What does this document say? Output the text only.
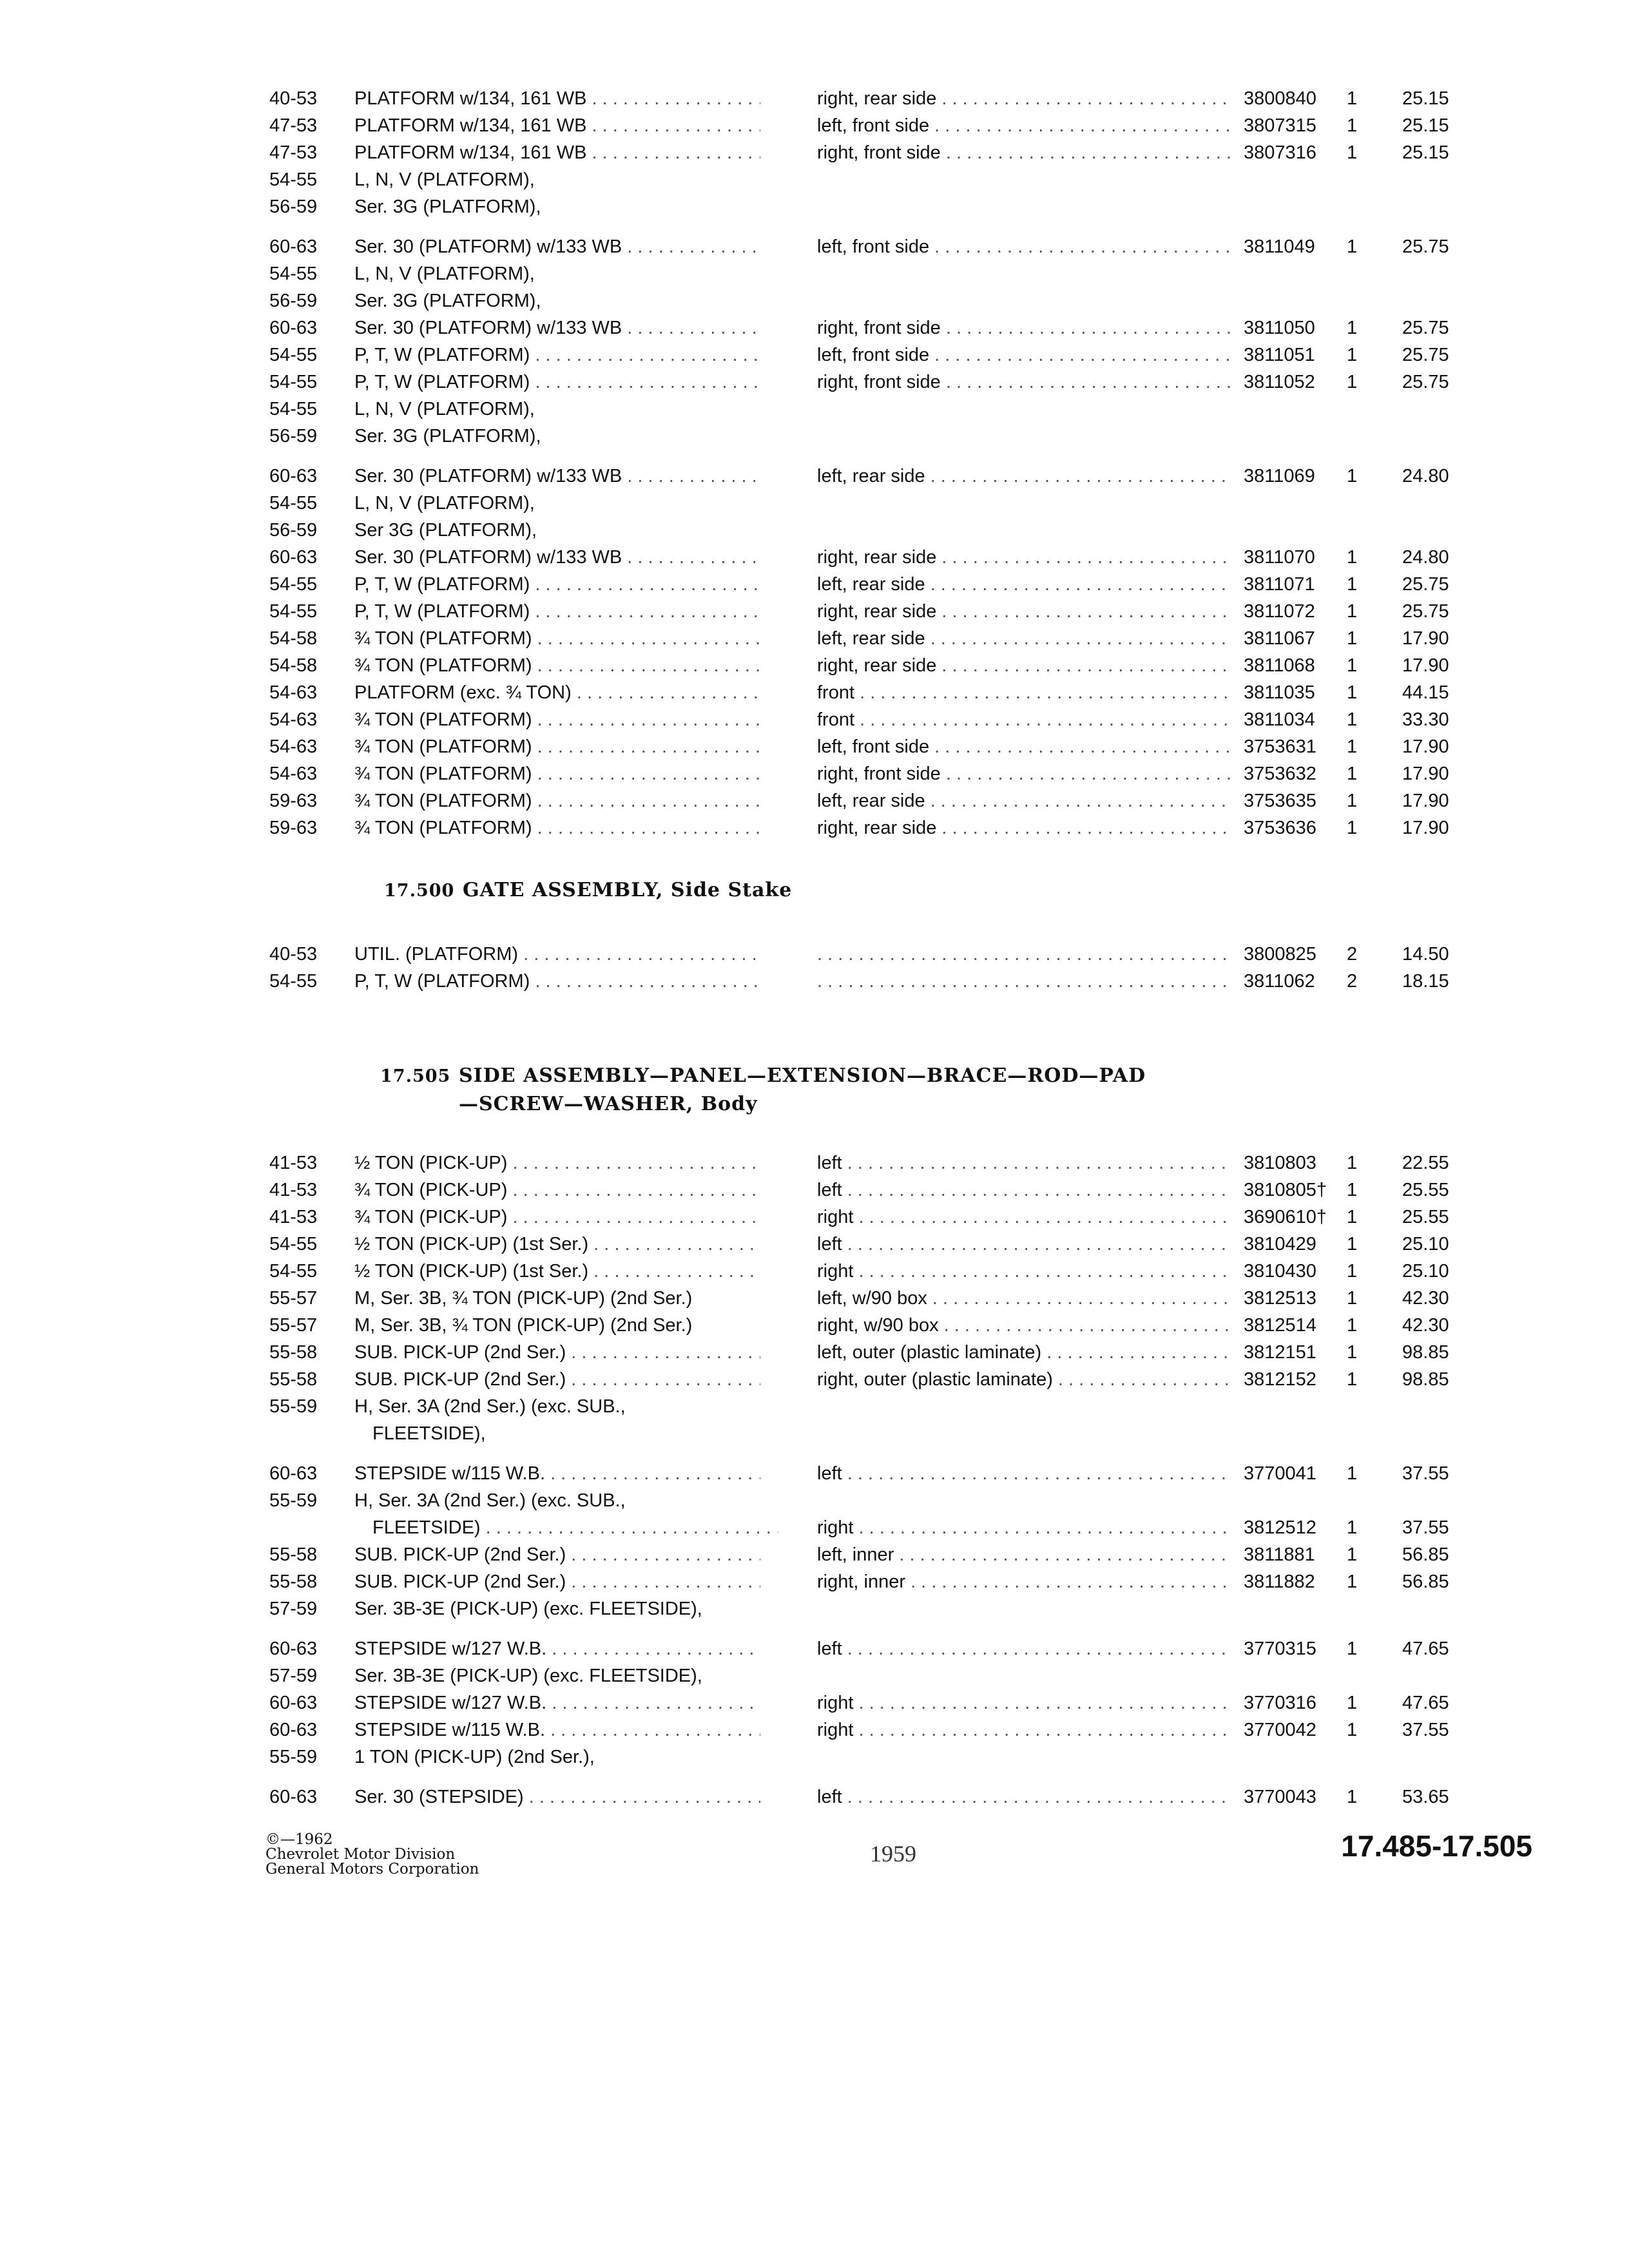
40-53 PLATFORM w/134, 161 WB . . .	right, rear side . . .	3800840 1 25.15
47-53 PLATFORM w/134, 161 WB . . .	left, front side . . .	3807315 1 25.15
47-53 PLATFORM w/134, 161 WB . . .	right, front side . . .	3807316 1 25.15
54-55 L, N, V (PLATFORM),
56-59 Ser. 3G (PLATFORM),
60-63 Ser. 30 (PLATFORM) w/133 WB . . .	left, front side . . .	3811049 1 25.75
54-55 L, N, V (PLATFORM),
56-59 Ser. 3G (PLATFORM),
60-63 Ser. 30 (PLATFORM) w/133 WB . . .	right, front side . . .	3811050 1 25.75
54-55 P, T, W (PLATFORM) . . .	left, front side . . .	3811051 1 25.75
54-55 P, T, W (PLATFORM) . . .	right, front side . . .	3811052 1 25.75
54-55 L, N, V (PLATFORM),
56-59 Ser. 3G (PLATFORM),
60-63 Ser. 30 (PLATFORM) w/133 WB . . .	left, rear side . . .	3811069 1 24.80
54-55 L, N, V (PLATFORM),
56-59 Ser 3G (PLATFORM),
60-63 Ser. 30 (PLATFORM) w/133 WB . . .	right, rear side . . .	3811070 1 24.80
54-55 P, T, W (PLATFORM) . . .	left, rear side . . .	3811071 1 25.75
54-55 P, T, W (PLATFORM) . . .	right, rear side . . .	3811072 1 25.75
54-58 ¾ TON (PLATFORM) . . .	left, rear side . . .	3811067 1 17.90
54-58 ¾ TON (PLATFORM) . . .	right, rear side . . .	3811068 1 17.90
54-63 PLATFORM (exc. ¾ TON) . . .	front . . .	3811035 1 44.15
54-63 ¾ TON (PLATFORM) . . .	front . . .	3811034 1 33.30
54-63 ¾ TON (PLATFORM) . . .	left, front side . . .	3753631 1 17.90
54-63 ¾ TON (PLATFORM) . . .	right, front side . . .	3753632 1 17.90
59-63 ¾ TON (PLATFORM) . . .	left, rear side . . .	3753635 1 17.90
59-63 ¾ TON (PLATFORM) . . .	right, rear side . . .	3753636 1 17.90
17.500 GATE ASSEMBLY, Side Stake
40-53 UTIL. (PLATFORM) . . . . . .	3800825 2 14.50
54-55 P, T, W (PLATFORM) . . . . . .	3811062 2 18.15
17.505 SIDE ASSEMBLY—PANEL—EXTENSION—BRACE—ROD—PAD
—SCREW—WASHER, Body
41-53 ½ TON (PICK-UP) . . .	left . . .	3810803 1 22.55
41-53 ¾ TON (PICK-UP) . . .	left . . .	3810805† 1 25.55
41-53 ¾ TON (PICK-UP) . . .	right . . .	3690610† 1 25.55
54-55 ½ TON (PICK-UP) (1st Ser.) . . .	left . . .	3810429 1 25.10
54-55 ½ TON (PICK-UP) (1st Ser.) . . .	right . . .	3810430 1 25.10
55-57 M, Ser. 3B, ¾ TON (PICK-UP) (2nd Ser.)	left, w/90 box . . .	3812513 1 42.30
55-57 M, Ser. 3B, ¾ TON (PICK-UP) (2nd Ser.)	right, w/90 box . . .	3812514 1 42.30
55-58 SUB. PICK-UP (2nd Ser.) . . .	left, outer (plastic laminate) . . .	3812151 1 98.85
55-58 SUB. PICK-UP (2nd Ser.) . . .	right, outer (plastic laminate) . . .	3812152 1 98.85
55-59 H, Ser. 3A (2nd Ser.) (exc. SUB.,
FLEETSIDE),
60-63 STEPSIDE w/115 W.B. . . .	left . . .	3770041 1 37.55
55-59 H, Ser. 3A (2nd Ser.) (exc. SUB.,
FLEETSIDE) . . .	right . . .	3812512 1 37.55
55-58 SUB. PICK-UP (2nd Ser.) . . .	left, inner . . .	3811881 1 56.85
55-58 SUB. PICK-UP (2nd Ser.) . . .	right, inner . . .	3811882 1 56.85
57-59 Ser. 3B-3E (PICK-UP) (exc. FLEETSIDE),
60-63 STEPSIDE w/127 W.B. . . .	left . . .	3770315 1 47.65
57-59 Ser. 3B-3E (PICK-UP) (exc. FLEETSIDE),
60-63 STEPSIDE w/127 W.B. . . .	right . . .	3770316 1 47.65
60-63 STEPSIDE w/115 W.B. . . .	right . . .	3770042 1 37.55
55-59 1 TON (PICK-UP) (2nd Ser.),
60-63 Ser. 30 (STEPSIDE) . . .	left . . .	3770043 1 53.65
©—1962
Chevrolet Motor Division
General Motors Corporation
1959	17.485-17.505
